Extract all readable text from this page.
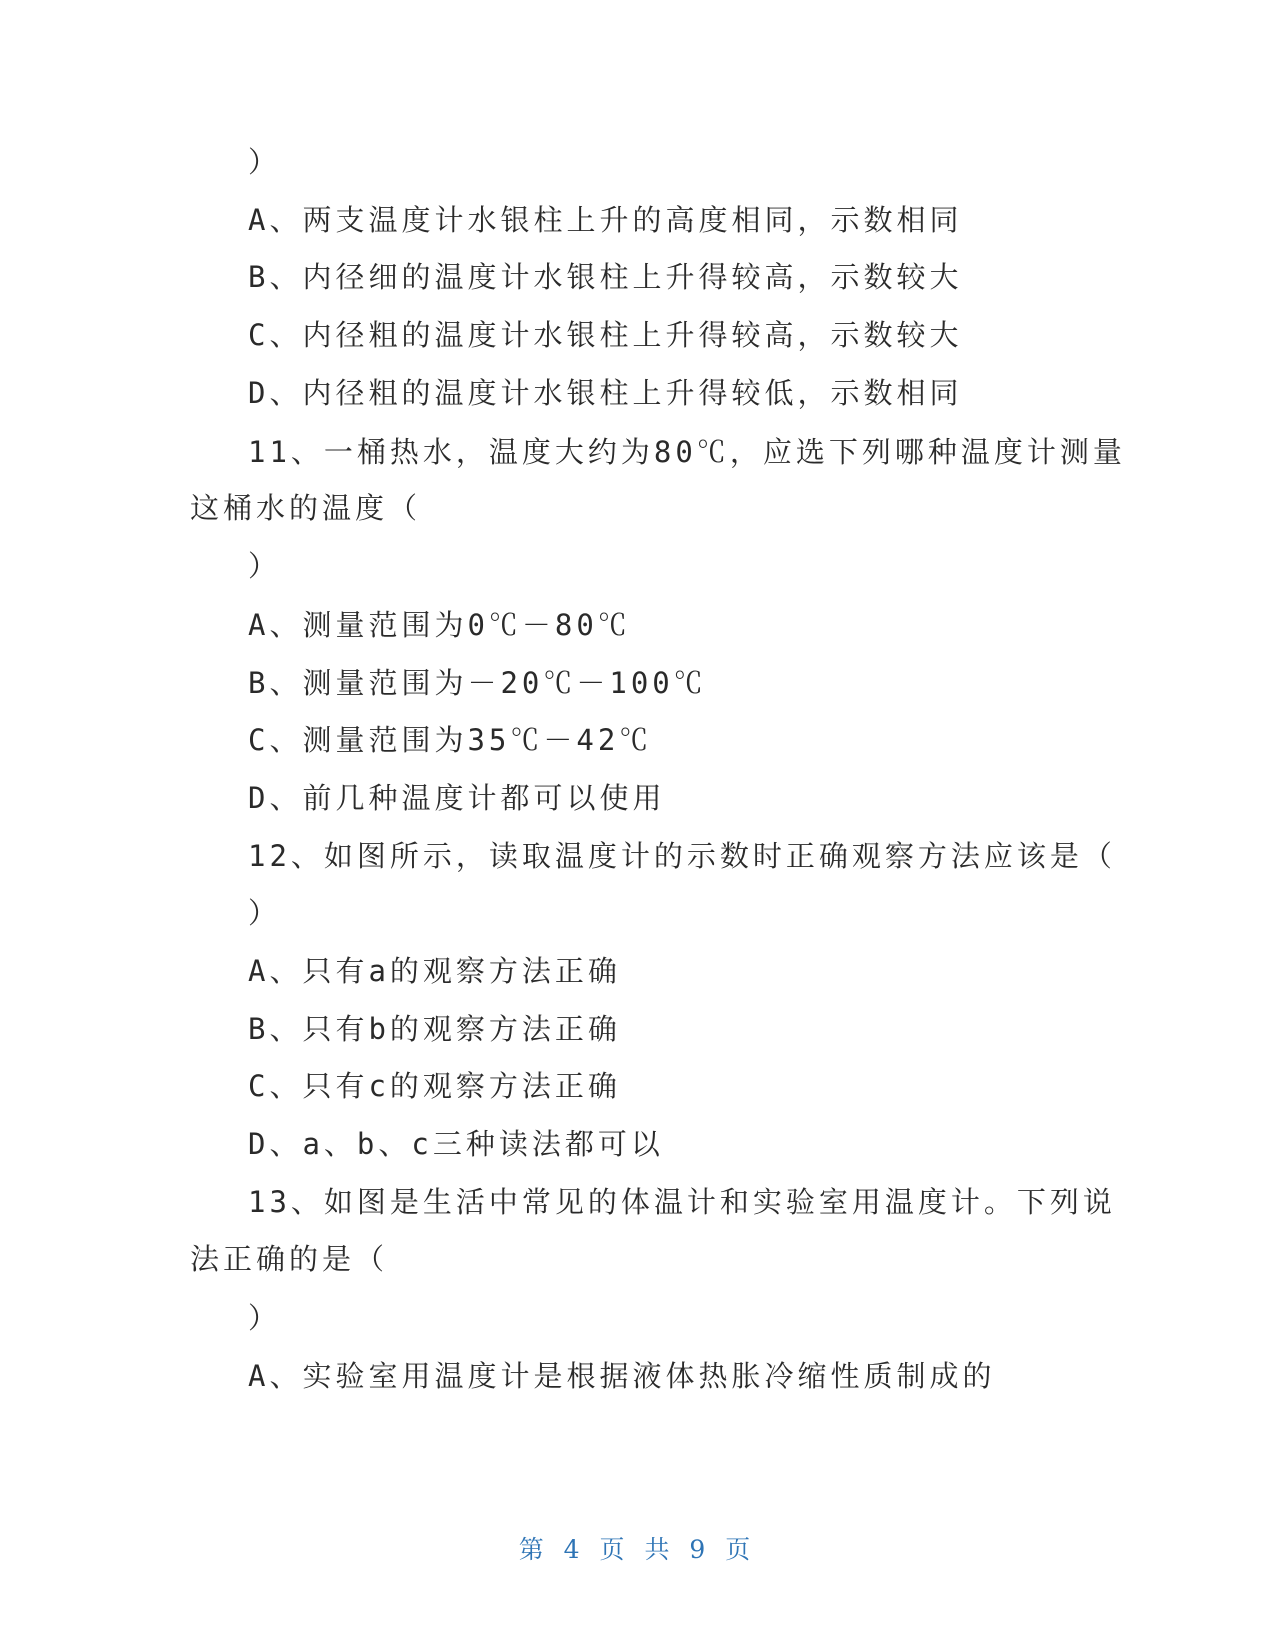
）
A、两支温度计水银柱上升的高度相同，示数相同
B、内径细的温度计水银柱上升得较高，示数较大
C、内径粗的温度计水银柱上升得较高，示数较大
D、内径粗的温度计水银柱上升得较低，示数相同
11、一桶热水，温度大约为80℃，应选下列哪种温度计测量
这桶水的温度（
）
A、测量范围为0℃－80℃
B、测量范围为－20℃－100℃
C、测量范围为35℃－42℃
D、前几种温度计都可以使用
12、如图所示，读取温度计的示数时正确观察方法应该是（
）
A、只有a的观察方法正确
B、只有b的观察方法正确
C、只有c的观察方法正确
D、a、b、c三种读法都可以
13、如图是生活中常见的体温计和实验室用温度计。下列说
法正确的是（
）
A、实验室用温度计是根据液体热胀冷缩性质制成的
第 4 页 共 9 页
